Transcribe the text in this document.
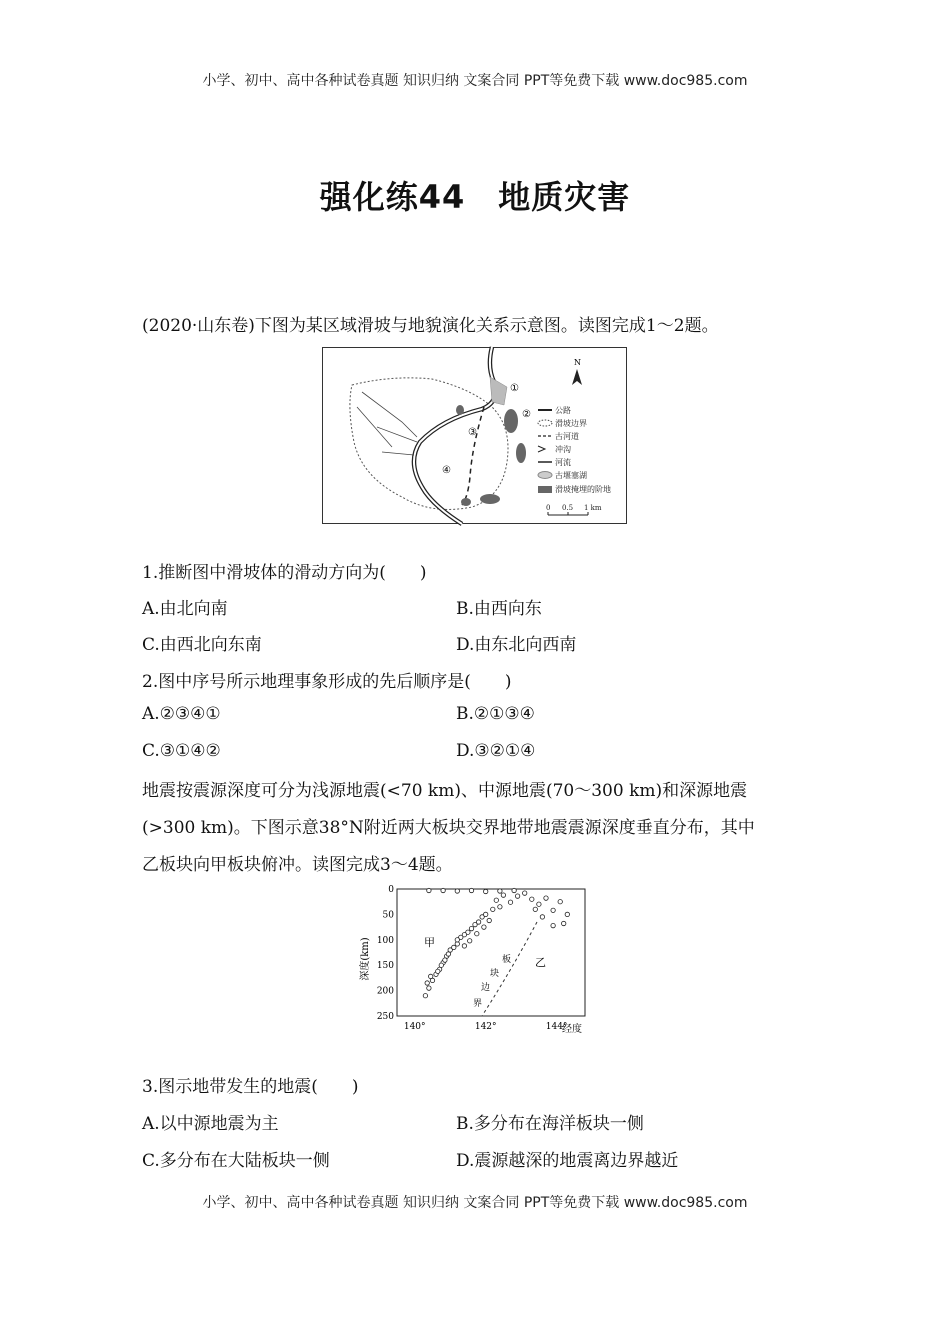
小学、初中、高中各种试卷真题 知识归纳 文案合同 PPT等免费下载 www.doc985.com
强化练44　地质灾害
(2020·山东卷)下图为某区域滑坡与地貌演化关系示意图。读图完成1～2题。
①
②
③
④
N
公路
滑坡边界
古河道
冲沟
河流
古堰塞湖
滑坡掩埋的阶地
0 0.5 1 km
1.推断图中滑坡体的滑动方向为(　　)
A.由北向南	B.由西向东
C.由西北向东南	D.由东北向西南
2.图中序号所示地理事象形成的先后顺序是(　　)
A.②③④①	B.②①③④
C.③①④②	D.③②①④
地震按震源深度可分为浅源地震(<70 km)、中源地震(70～300 km)和深源地震
(>300 km)。下图示意38°N附近两大板块交界地带地震震源深度垂直分布，其中
乙板块向甲板块俯冲。读图完成3～4题。
0
50
100
150
200
250
140°	142°	144°
深度(km)
经度
甲
乙
板
块
边
界
3.图示地带发生的地震(　　)
A.以中源地震为主	B.多分布在海洋板块一侧
C.多分布在大陆板块一侧	D.震源越深的地震离边界越近
小学、初中、高中各种试卷真题 知识归纳 文案合同 PPT等免费下载 www.doc985.com
